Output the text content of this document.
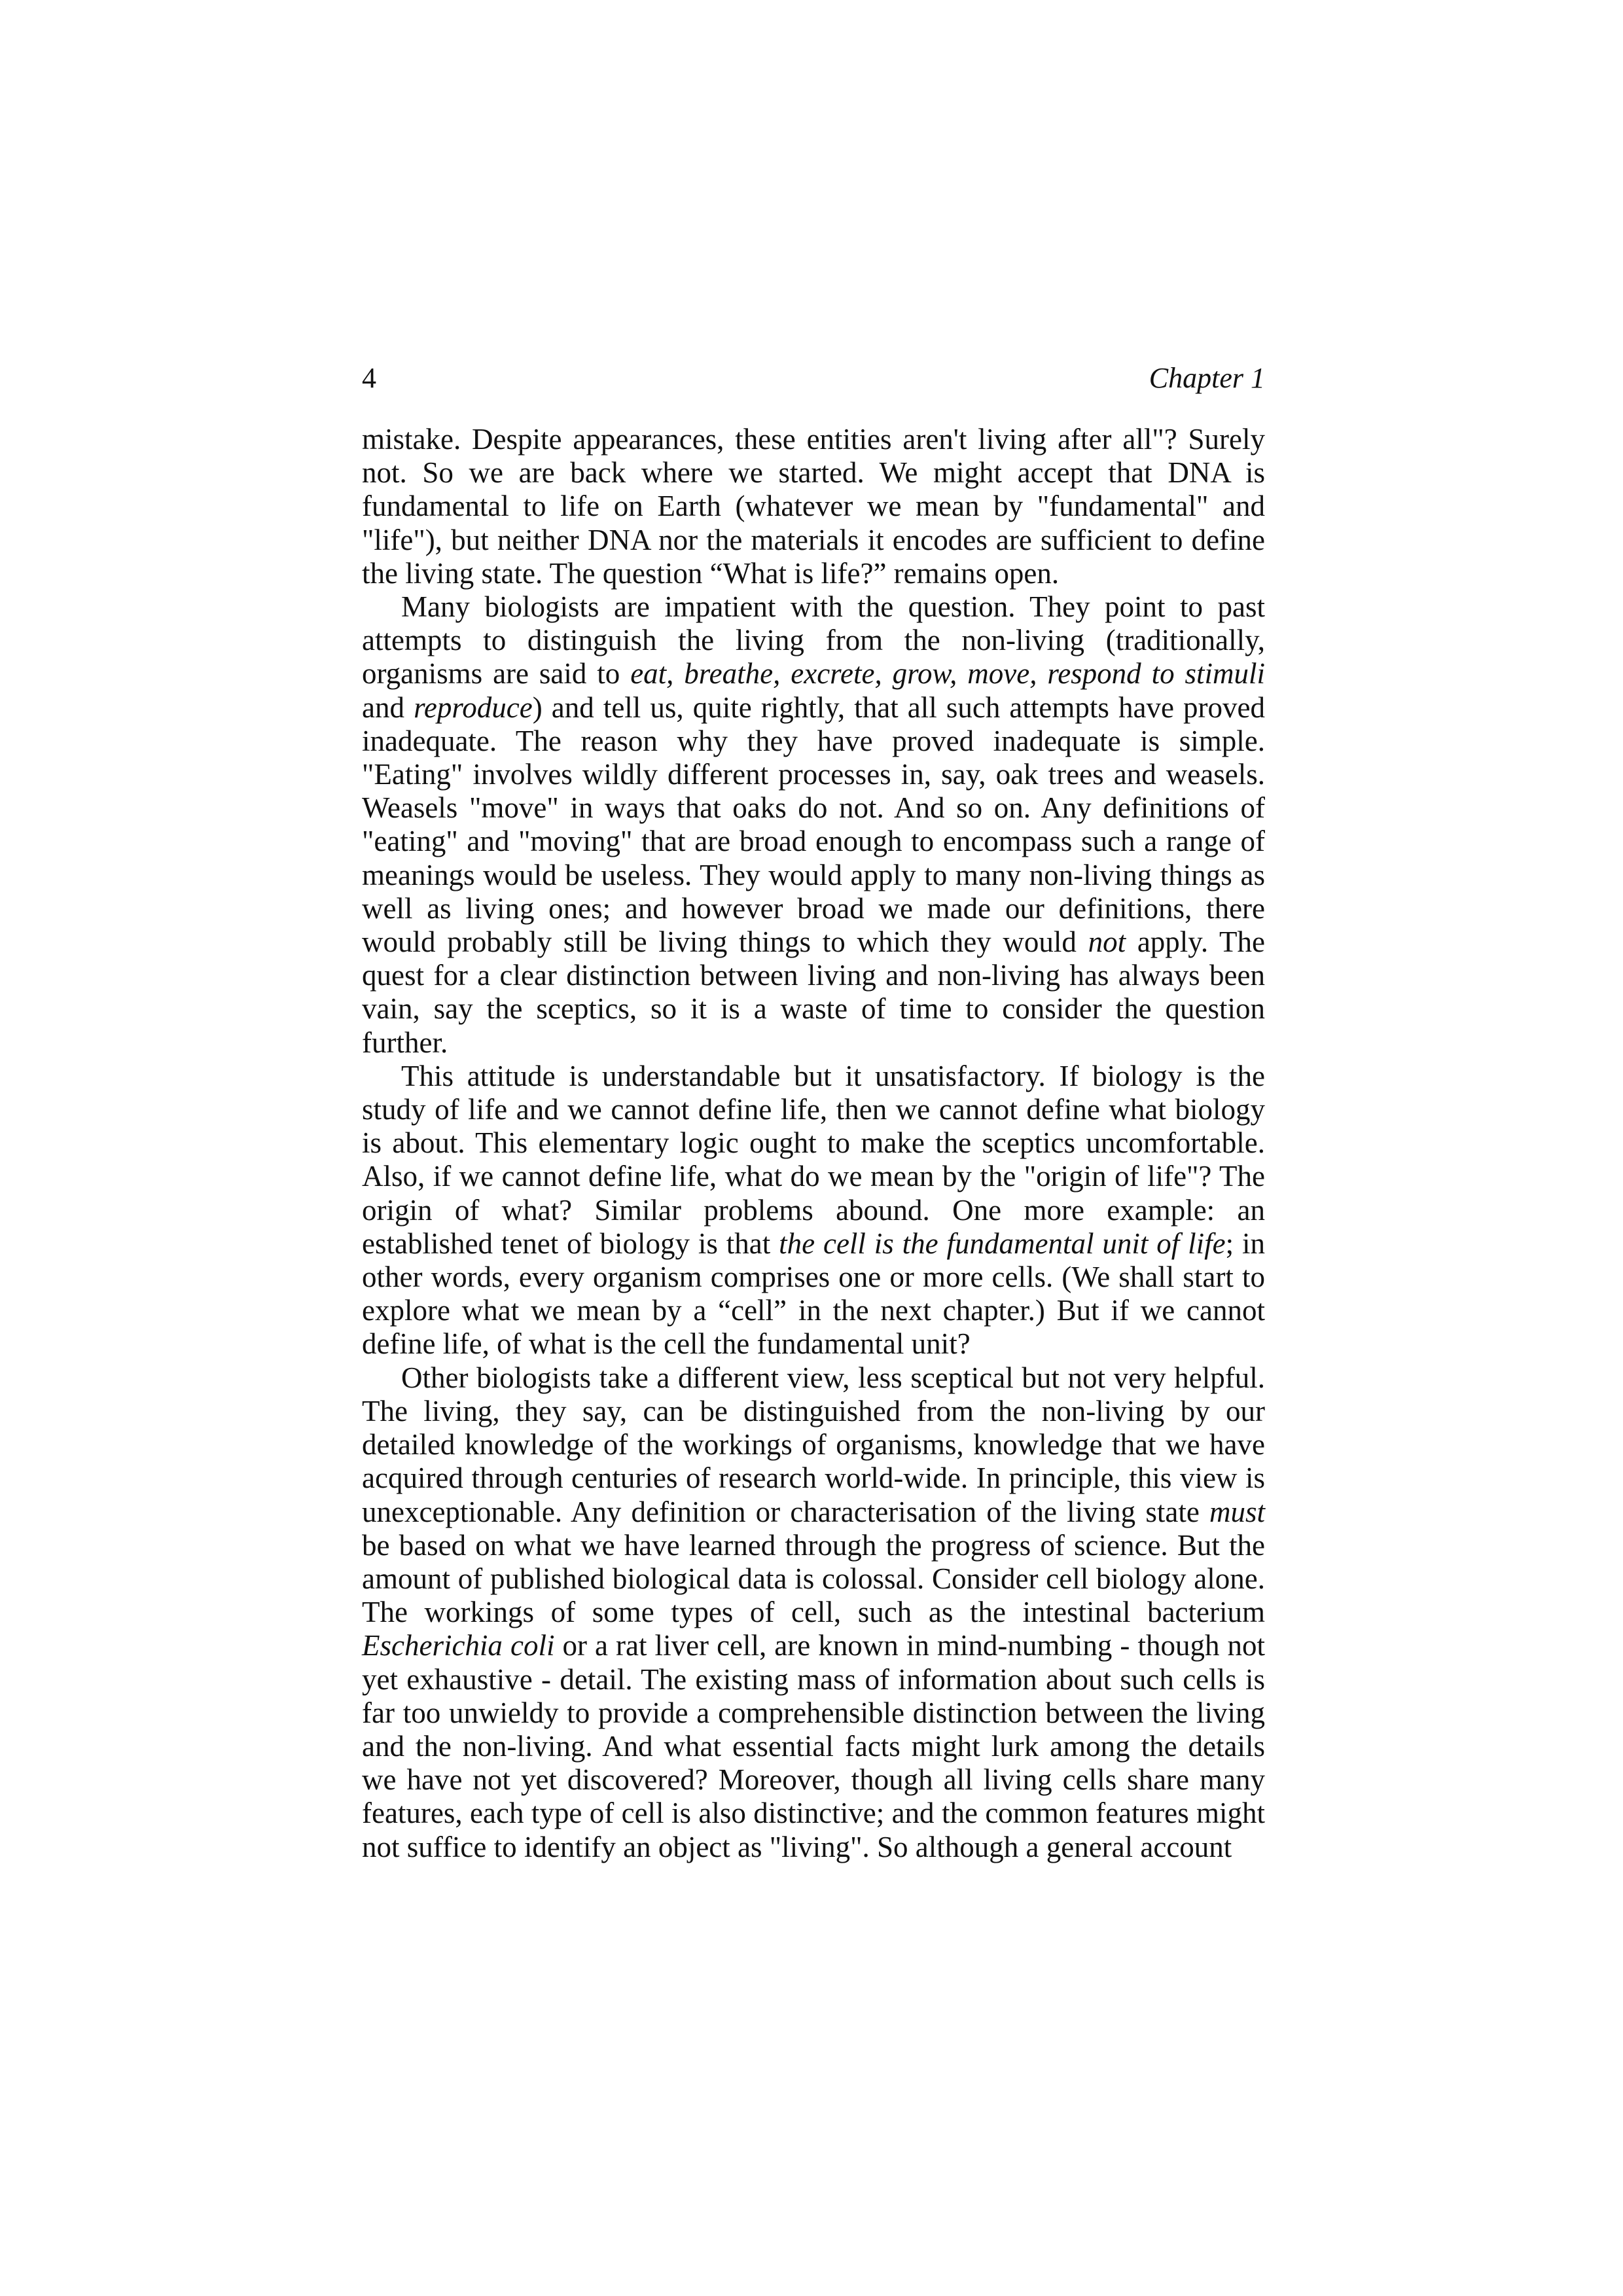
4	Chapter 1

mistake. Despite appearances, these entities aren't living after all"? Surely not. So we are back where we started. We might accept that DNA is fundamental to life on Earth (whatever we mean by "fundamental" and "life"), but neither DNA nor the materials it encodes are sufficient to define the living state. The question “What is life?” remains open.

Many biologists are impatient with the question. They point to past attempts to distinguish the living from the non-living (traditionally, organisms are said to eat, breathe, excrete, grow, move, respond to stimuli and reproduce) and tell us, quite rightly, that all such attempts have proved inadequate. The reason why they have proved inadequate is simple. "Eating" involves wildly different processes in, say, oak trees and weasels. Weasels "move" in ways that oaks do not. And so on. Any definitions of "eating" and "moving" that are broad enough to encompass such a range of meanings would be useless. They would apply to many non-living things as well as living ones; and however broad we made our definitions, there would probably still be living things to which they would not apply. The quest for a clear distinction between living and non-living has always been vain, say the sceptics, so it is a waste of time to consider the question further.

This attitude is understandable but it unsatisfactory. If biology is the study of life and we cannot define life, then we cannot define what biology is about. This elementary logic ought to make the sceptics uncomfortable. Also, if we cannot define life, what do we mean by the "origin of life"? The origin of what? Similar problems abound. One more example: an established tenet of biology is that the cell is the fundamental unit of life; in other words, every organism comprises one or more cells. (We shall start to explore what we mean by a “cell” in the next chapter.) But if we cannot define life, of what is the cell the fundamental unit?

Other biologists take a different view, less sceptical but not very helpful. The living, they say, can be distinguished from the non-living by our detailed knowledge of the workings of organisms, knowledge that we have acquired through centuries of research world-wide. In principle, this view is unexceptionable. Any definition or characterisation of the living state must be based on what we have learned through the progress of science. But the amount of published biological data is colossal. Consider cell biology alone. The workings of some types of cell, such as the intestinal bacterium Escherichia coli or a rat liver cell, are known in mind-numbing - though not yet exhaustive - detail. The existing mass of information about such cells is far too unwieldy to provide a comprehensible distinction between the living and the non-living. And what essential facts might lurk among the details we have not yet discovered? Moreover, though all living cells share many features, each type of cell is also distinctive; and the common features might not suffice to identify an object as "living". So although a general account
